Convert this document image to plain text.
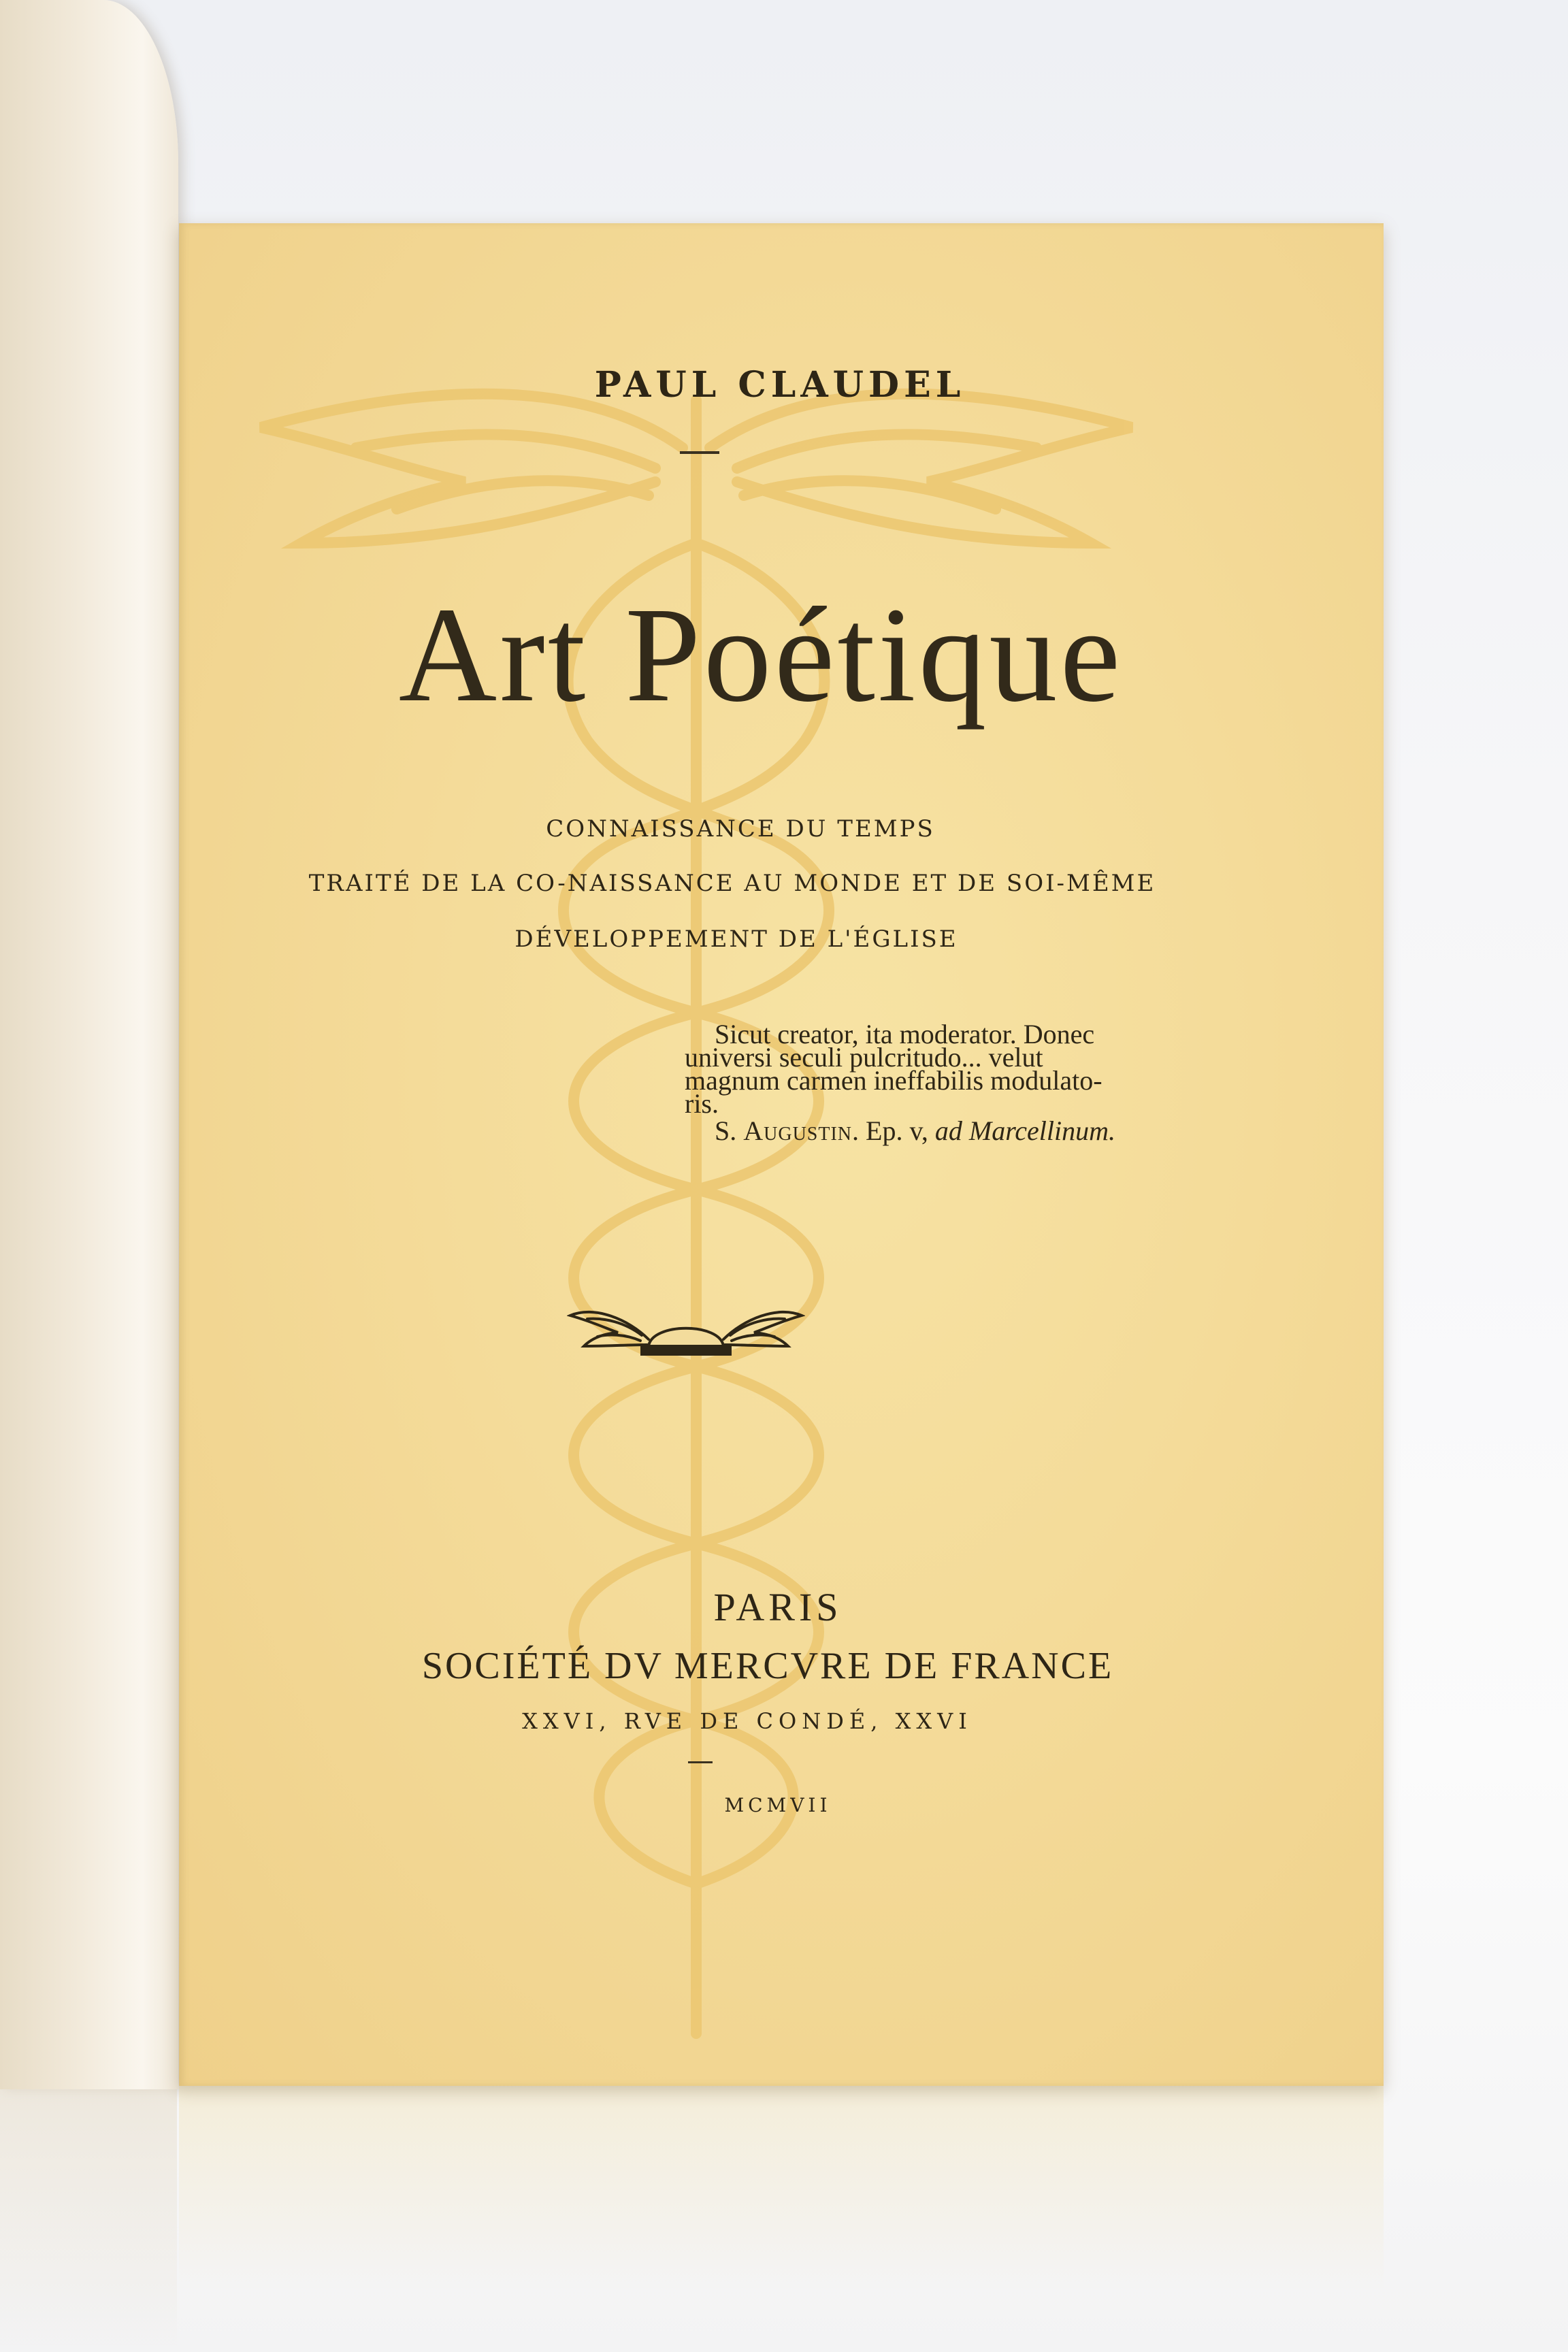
PAUL CLAUDEL
Art Poétique
CONNAISSANCE DU TEMPS
TRAITÉ DE LA CO-NAISSANCE AU MONDE ET DE SOI-MÊME
DÉVELOPPEMENT DE L'ÉGLISE

Sicut creator, ita moderator. Donec

universi seculi pulcritudo... velut

magnum carmen ineffabilis modulato-

ris.

S. Augustin. Ep. v, ad Marcellinum.

PARIS
SOCIÉTÉ DV MERCVRE DE FRANCE
XXVI, RVE DE CONDÉ, XXVI
MCMVII
